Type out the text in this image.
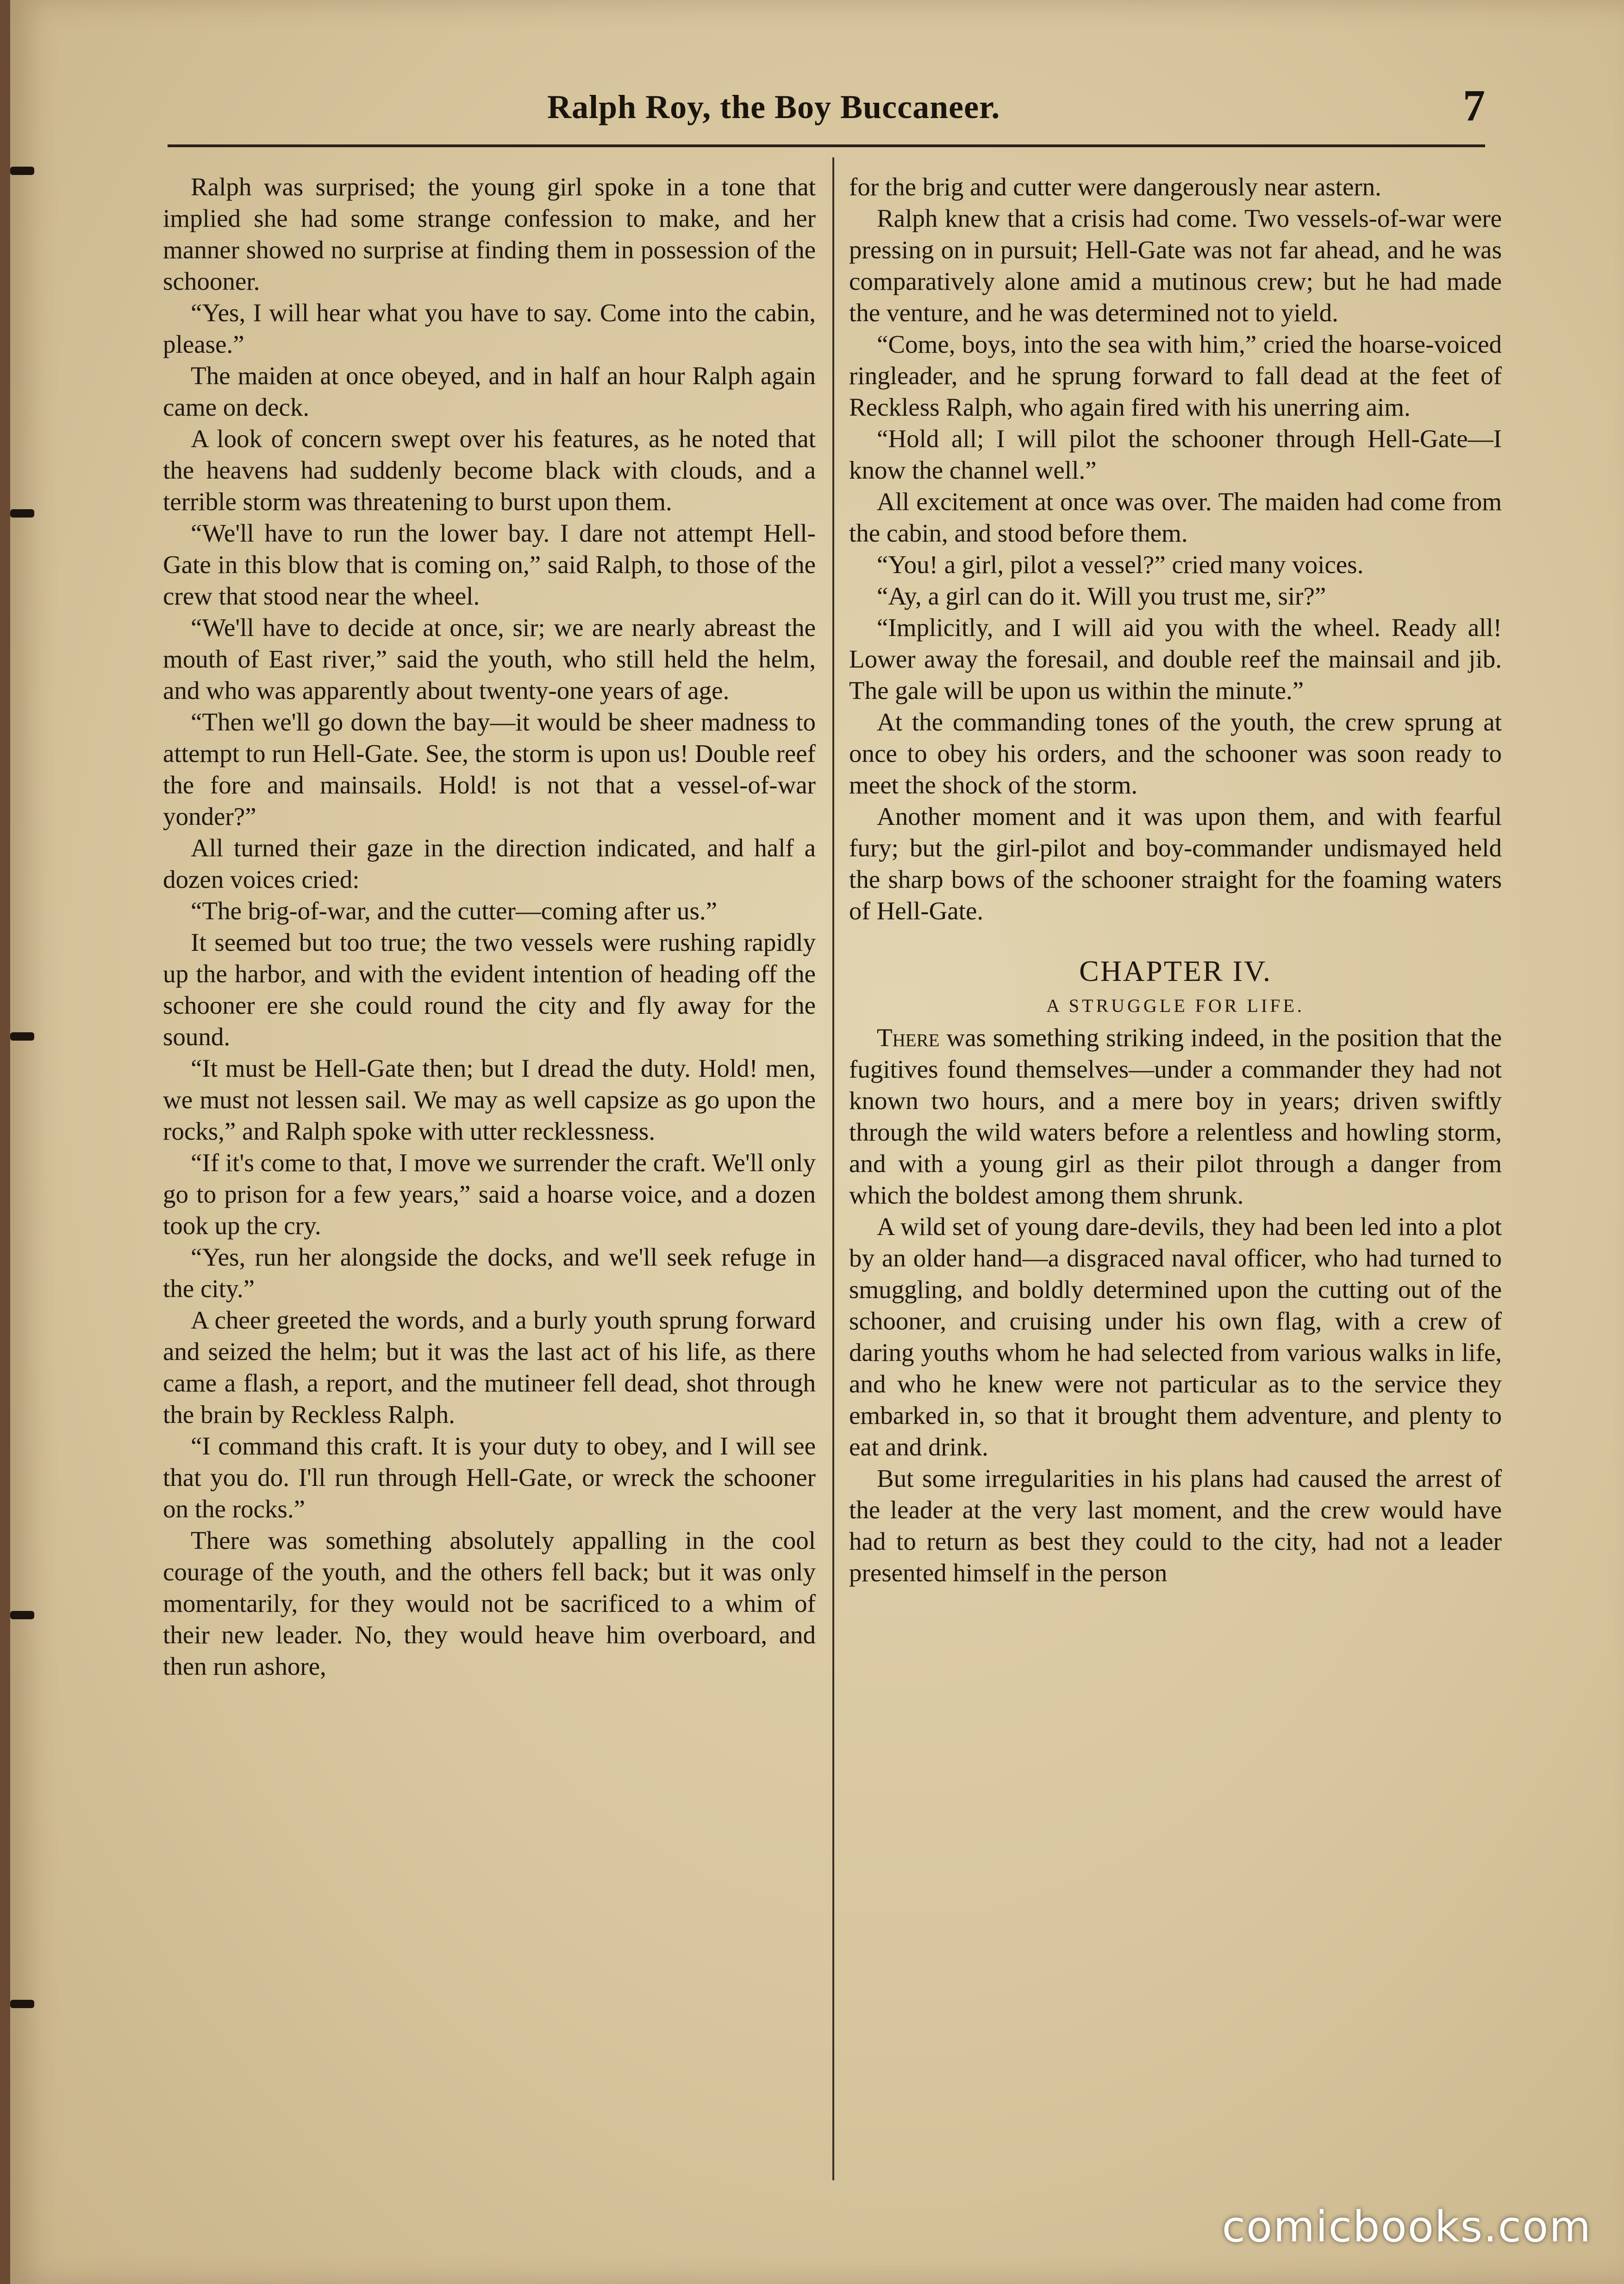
Ralph Roy, the Boy Buccaneer.	7

Ralph was surprised; the young girl spoke in a tone that implied she had some strange confession to make, and her manner showed no surprise at finding them in possession of the schooner.

“Yes, I will hear what you have to say. Come into the cabin, please.”

The maiden at once obeyed, and in half an hour Ralph again came on deck.

A look of concern swept over his features, as he noted that the heavens had suddenly become black with clouds, and a terrible storm was threatening to burst upon them.

“We'll have to run the lower bay. I dare not attempt Hell-Gate in this blow that is coming on,” said Ralph, to those of the crew that stood near the wheel.

“We'll have to decide at once, sir; we are nearly abreast the mouth of East river,” said the youth, who still held the helm, and who was apparently about twenty-one years of age.

“Then we'll go down the bay—it would be sheer madness to attempt to run Hell-Gate. See, the storm is upon us! Double reef the fore and mainsails. Hold! is not that a vessel-of-war yonder?”

All turned their gaze in the direction indicated, and half a dozen voices cried:

“The brig-of-war, and the cutter—coming after us.”

It seemed but too true; the two vessels were rushing rapidly up the harbor, and with the evident intention of heading off the schooner ere she could round the city and fly away for the sound.

“It must be Hell-Gate then; but I dread the duty. Hold! men, we must not lessen sail. We may as well capsize as go upon the rocks,” and Ralph spoke with utter recklessness.

“If it's come to that, I move we surrender the craft. We'll only go to prison for a few years,” said a hoarse voice, and a dozen took up the cry.

“Yes, run her alongside the docks, and we'll seek refuge in the city.”

A cheer greeted the words, and a burly youth sprung forward and seized the helm; but it was the last act of his life, as there came a flash, a report, and the mutineer fell dead, shot through the brain by Reckless Ralph.

“I command this craft. It is your duty to obey, and I will see that you do. I'll run through Hell-Gate, or wreck the schooner on the rocks.”

There was something absolutely appalling in the cool courage of the youth, and the others fell back; but it was only momentarily, for they would not be sacrificed to a whim of their new leader. No, they would heave him overboard, and then run ashore,

for the brig and cutter were dangerously near astern.

Ralph knew that a crisis had come. Two vessels-of-war were pressing on in pursuit; Hell-Gate was not far ahead, and he was comparatively alone amid a mutinous crew; but he had made the venture, and he was determined not to yield.

“Come, boys, into the sea with him,” cried the hoarse-voiced ringleader, and he sprung forward to fall dead at the feet of Reckless Ralph, who again fired with his unerring aim.

“Hold all; I will pilot the schooner through Hell-Gate—I know the channel well.”

All excitement at once was over. The maiden had come from the cabin, and stood before them.

“You! a girl, pilot a vessel?” cried many voices.

“Ay, a girl can do it. Will you trust me, sir?”

“Implicitly, and I will aid you with the wheel. Ready all! Lower away the foresail, and double reef the mainsail and jib. The gale will be upon us within the minute.”

At the commanding tones of the youth, the crew sprung at once to obey his orders, and the schooner was soon ready to meet the shock of the storm.

Another moment and it was upon them, and with fearful fury; but the girl-pilot and boy-commander undismayed held the sharp bows of the schooner straight for the foaming waters of Hell-Gate.

CHAPTER IV.
A STRUGGLE FOR LIFE.

There was something striking indeed, in the position that the fugitives found themselves—under a commander they had not known two hours, and a mere boy in years; driven swiftly through the wild waters before a relentless and howling storm, and with a young girl as their pilot through a danger from which the boldest among them shrunk.

A wild set of young dare-devils, they had been led into a plot by an older hand—a disgraced naval officer, who had turned to smuggling, and boldly determined upon the cutting out of the schooner, and cruising under his own flag, with a crew of daring youths whom he had selected from various walks in life, and who he knew were not particular as to the service they embarked in, so that it brought them adventure, and plenty to eat and drink.

But some irregularities in his plans had caused the arrest of the leader at the very last moment, and the crew would have had to return as best they could to the city, had not a leader presented himself in the person

comicbooks.com
